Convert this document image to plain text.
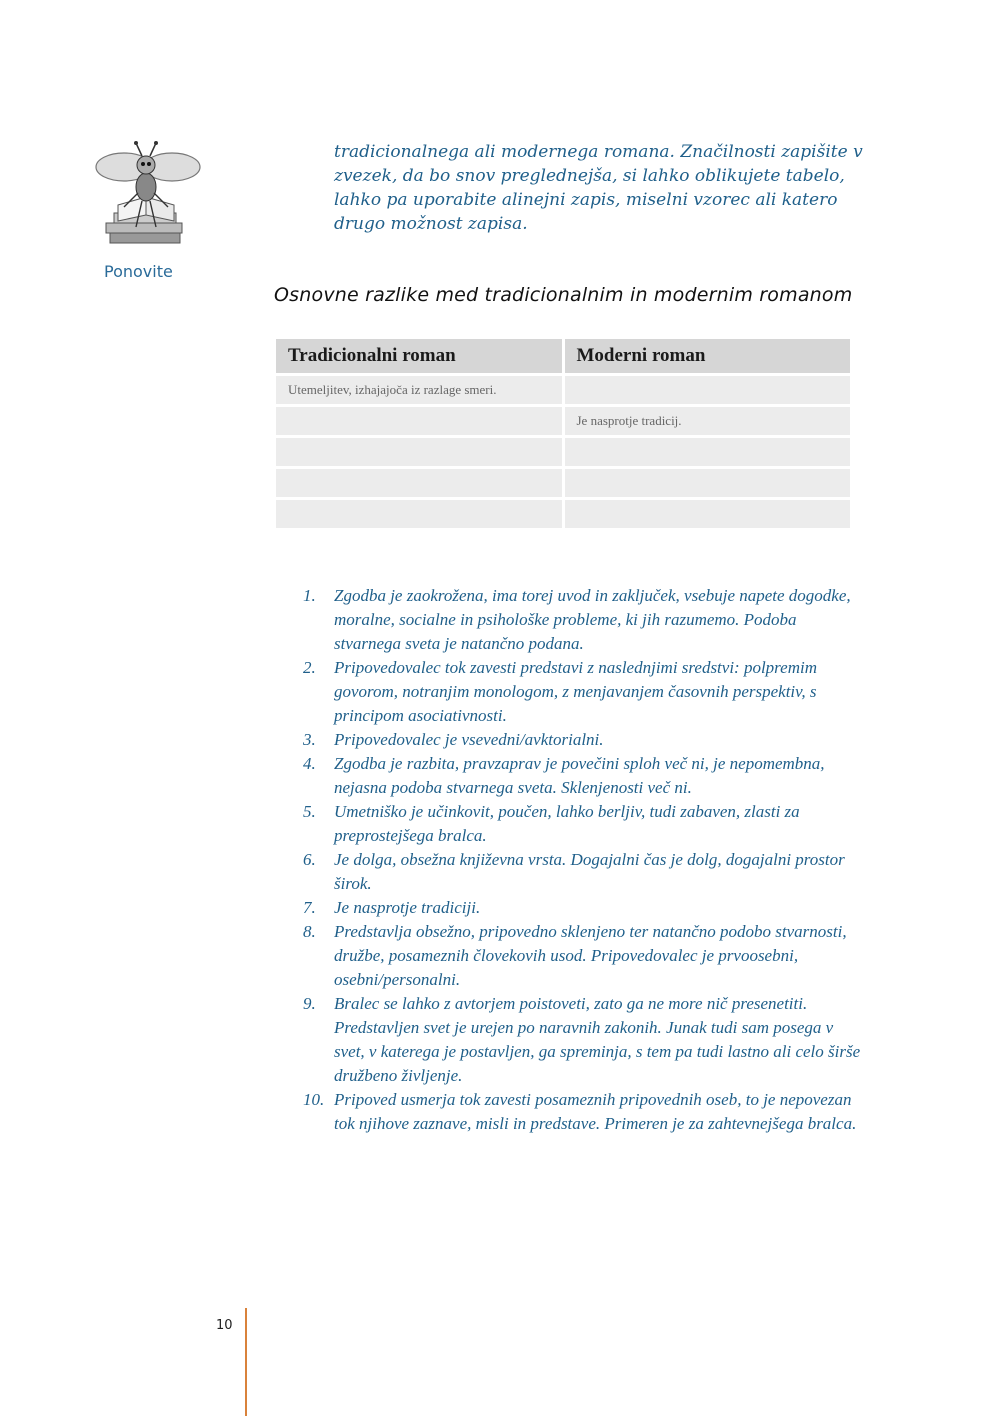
tradicionalnega ali modernega romana. Značilnosti zapišite v zvezek, da bo snov preglednejša, si lahko oblikujete tabelo, lahko pa uporabite alinejni zapis, miselni vzorec ali katero drugo možnost zapisa.
Ponovite
Osnovne razlike med tradicionalnim in modernim romanom
Tradicionalni roman	Moderni roman
Utemeljitev, izhajajoča iz razlage smeri.	
	Je nasprotje tradicij.

1. Zgodba je zaokrožena, ima torej uvod in zaključek, vsebuje napete dogodke, moralne, socialne in psihološke probleme, ki jih razumemo. Podoba stvarnega sveta je natančno podana.
2. Pripovedovalec tok zavesti predstavi z naslednjimi sredstvi: polpremim govorom, notranjim monologom, z menjavanjem časovnih perspektiv, s principom asociativnosti.
3. Pripovedovalec je vsevedni/avktorialni.
4. Zgodba je razbita, pravzaprav je povečini sploh več ni, je nepomembna, nejasna podoba stvarnega sveta. Sklenjenosti več ni.
5. Umetniško je učinkovit, poučen, lahko berljiv, tudi zabaven, zlasti za preprostejšega bralca.
6. Je dolga, obsežna književna vrsta. Dogajalni čas je dolg, dogajalni prostor širok.
7. Je nasprotje tradiciji.
8. Predstavlja obsežno, pripovedno sklenjeno ter natančno podobo stvarnosti, družbe, posameznih človekovih usod. Pripovedovalec je prvoosebni, osebni/personalni.
9. Bralec se lahko z avtorjem poistoveti, zato ga ne more nič presenetiti. Predstavljen svet je urejen po naravnih zakonih. Junak tudi sam posega v svet, v katerega je postavljen, ga spreminja, s tem pa tudi lastno ali celo širše družbeno življenje.
10. Pripoved usmerja tok zavesti posameznih pripovednih oseb, to je nepovezan tok njihove zaznave, misli in predstave. Primeren je za zahtevnejšega bralca.
10
